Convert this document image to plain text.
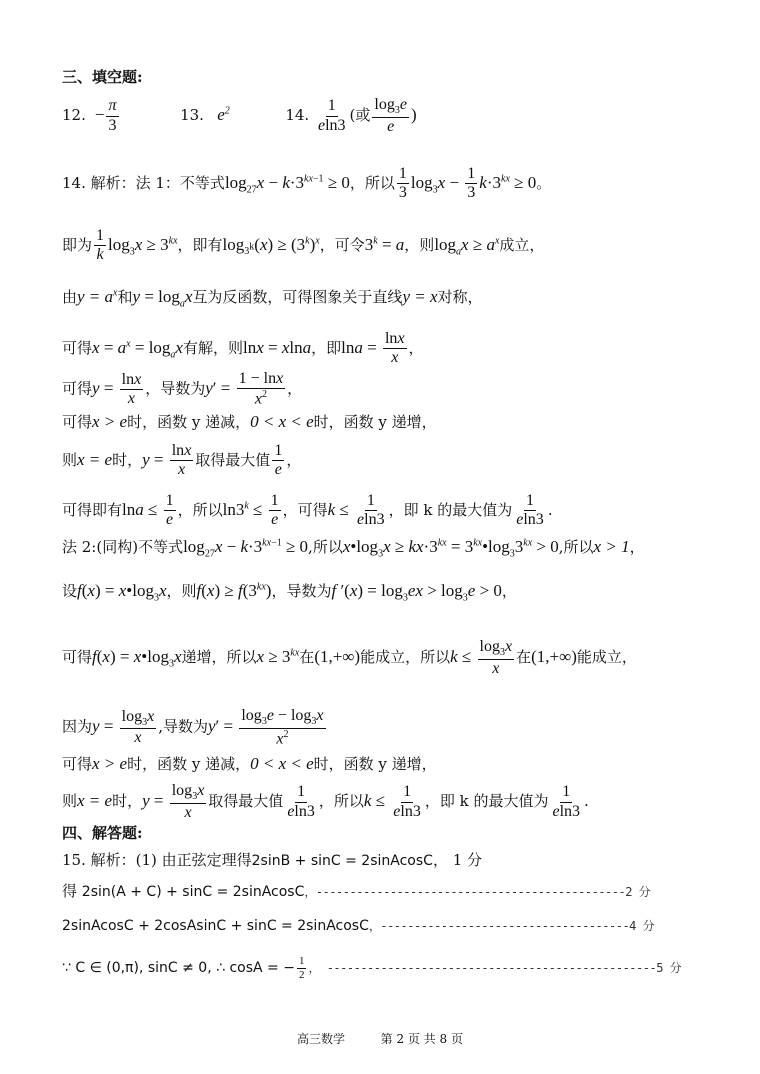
三、填空题:
12.  − $\frac{\pi}{3}$	13. $e^2$	14. $\frac{1}{eln3}$ (或 $\frac{\log_3e}{e}$ )
14. 解析：法 1：不等式$\log_{27}x - k\cdot 3^{kx-1} \ge 0$，所以 $\frac{1}{3} \log_3x - \frac{1}{3} k\cdot 3^{kx} \ge 0$。
即为 $\frac{1}{k} \log_3x \ge 3^{kx}$，即有$\log_{3^k}(x) \ge (3^k)^x$，可令$3^k = a$，则$\log_ax \ge a^x$成立，
由$y = a^x$和$y = \log_ax$互为反函数，可得图象关于直线y = x对称，
可得$x = a^x = \log_ax$有解，则lnx = xlna，即$\ln a = \frac{\ln x}{x}$ ，
可得$y = \frac{\ln x}{x}$ ，导数为$y' = \frac{1 - \ln x}{x^2}$ ，
可得x > e时，函数 y 递减，0 < x < e时，函数 y 递增，
则x = e时，$y = \frac{\ln x}{x}$ 取得最大值 $\frac{1}{e}$ ，
可得即有$\ln a \le \frac{1}{e}$ ，所以$\ln 3^k \le \frac{1}{e}$ ，可得$k \le \frac{1}{eln3}$ ，即 k 的最大值为 $\frac{1}{eln3}$ .
法 2:(同构)不等式$\log_{27}x - k\cdot 3^{kx-1} \ge 0$,所以$x•\log_3x \ge kx\cdot 3^{kx}$ = $3^{kx}•\log_33^{kx} > 0$,所以x > 1，
设$f(x) = x•\log_3x$，则$f(x) \ge f(3^{kx})$，导数为f $'(x) = \log_3ex > \log_3e > 0$，
可得$f(x) = x•\log_3x$递增，所以$x \ge 3^{kx}$在(1,+∞)能成立，所以$k \le \frac{\log_3x}{x}$ 在(1,+∞)能成立，
因为$y = \frac{\log_3x}{x}$ ,导数为$y' = \frac{\log_3e - \log_3x}{x^2}$
可得x > e时，函数 y 递减，0 < x < e时，函数 y 递增，
则x = e时，$y = \frac{\log_3x}{x}$ 取得最大值 $\frac{1}{eln3}$ ，所以$k \le \frac{1}{eln3}$ ，即 k 的最大值为 $\frac{1}{eln3}$ .
四、解答题:
15. 解析：(1) 由正弦定理得2sinB + sinC = 2sinAcosC， 1 分
得 2sin(A + C) + sinC = 2sinAcosC，----------------------------------------------2 分
2sinAcosC + 2cosAsinC + sinC = 2sinAcosC，-------------------------------------4 分
∵ C ∈ (0,π), sinC ≠ 0, ∴ cosA = − $\frac{1}{2}$ ， -------------------------------------------------5 分
高三数学	第 2 页 共 8 页
